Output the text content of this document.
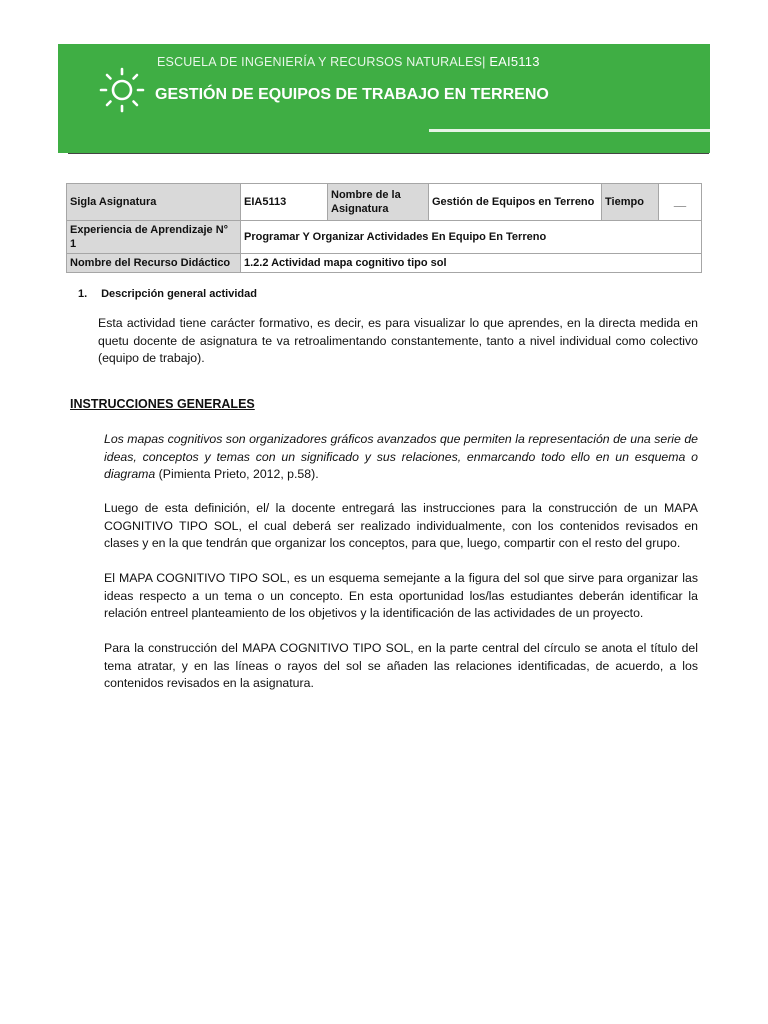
ESCUELA DE INGENIERÍA Y RECURSOS NATURALES| EAI5113
GESTIÓN DE EQUIPOS DE TRABAJO EN TERRENO
Sigla Asignatura	EIA5113	Nombre de la Asignatura	Gestión de Equipos en Terreno	Tiempo	__
Experiencia de Aprendizaje N° 1	Programar Y Organizar Actividades En Equipo En Terreno				
Nombre del Recurso Didáctico	1.2.2 Actividad mapa cognitivo tipo sol				
1. Descripción general actividad
Esta actividad tiene carácter formativo, es decir, es para visualizar lo que aprendes, en la directa medida en quetu docente de asignatura te va retroalimentando constantemente, tanto a nivel individual como colectivo (equipo de trabajo).
INSTRUCCIONES GENERALES
Los mapas cognitivos son organizadores gráficos avanzados que permiten la representación de una serie de ideas, conceptos y temas con un significado y sus relaciones, enmarcando todo ello en un esquema o diagrama (Pimienta Prieto, 2012, p.58).
Luego de esta definición, el/ la docente entregará las instrucciones para la construcción de un MAPA COGNITIVO TIPO SOL, el cual deberá ser realizado individualmente, con los contenidos revisados en clases y en la que tendrán que organizar los conceptos, para que, luego, compartir con el resto del grupo.
El MAPA COGNITIVO TIPO SOL, es un esquema semejante a la figura del sol que sirve para organizar las ideas respecto a un tema o un concepto. En esta oportunidad los/las estudiantes deberán identificar la relación entreel planteamiento de los objetivos y la identificación de las actividades de un proyecto.
Para la construcción del MAPA COGNITIVO TIPO SOL, en la parte central del círculo se anota el título del tema atratar, y en las líneas o rayos del sol se añaden las relaciones identificadas, de acuerdo, a los contenidos revisados en la asignatura.
